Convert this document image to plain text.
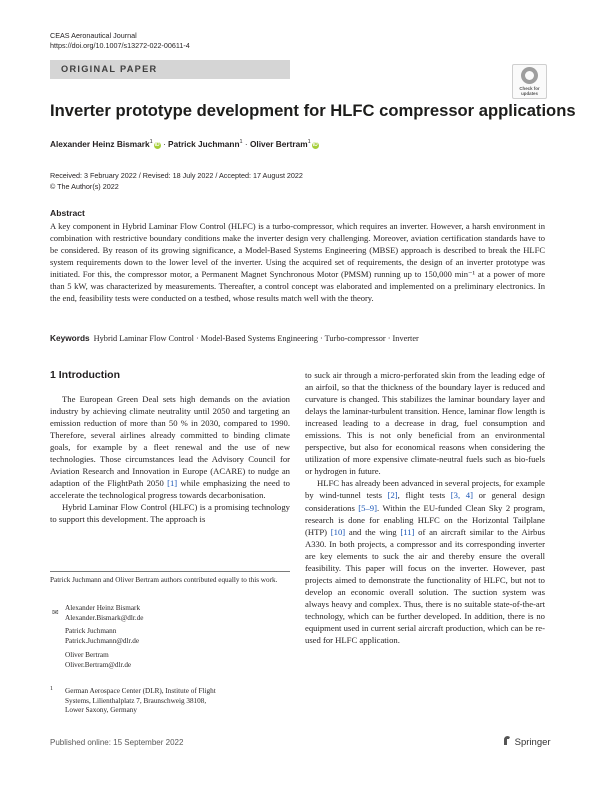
CEAS Aeronautical Journal
https://doi.org/10.1007/s13272-022-00611-4
ORIGINAL PAPER
Check for updates
Inverter prototype development for HLFC compressor applications
Alexander Heinz Bismark$^1$ iD · Patrick Juchmann$^1$ · Oliver Bertram$^1$ iD
Received: 3 February 2022 / Revised: 18 July 2022 / Accepted: 17 August 2022
© The Author(s) 2022
Abstract
A key component in Hybrid Laminar Flow Control (HLFC) is a turbo-compressor, which requires an inverter. However, a harsh environment in combination with restrictive boundary conditions make the inverter design very challenging. Moreover, aviation certification standards have to be considered. By reason of its growing significance, a Model-Based Systems Engineering (MBSE) approach is described to break the HLFC system requirements down to the lower level of the inverter. Using the acquired set of requirements, the design of an inverter prototype was initiated. For this, the compressor motor, a Permanent Magnet Synchronous Motor (PMSM) running up to 150,000 min⁻¹ at a power of more than 5 kW, was characterized by measurements. Thereafter, a control concept was elaborated and implemented on a preliminary electronics. In the end, feasibility tests were conducted on a testbed, whose results match well with the theory.
Keywords Hybrid Laminar Flow Control · Model-Based Systems Engineering · Turbo-compressor · Inverter
1 Introduction

The European Green Deal sets high demands on the aviation industry by achieving climate neutrality until 2050 and targeting an emission reduction of more than 50 % in 2030, compared to 1990. Therefore, several airlines already committed to binding climate goals, for example by a fleet renewal and the use of new technologies. Those circumstances lead the Advisory Council for Aviation Research and Innovation in Europe (ACARE) to nudge an adaption of the FlightPath 2050 [1] while emphasizing the need to accelerate the technological progress towards decarbonisation.

Hybrid Laminar Flow Control (HLFC) is a promising technology to support this development. The approach is

to suck air through a micro-perforated skin from the leading edge of an airfoil, so that the thickness of the boundary layer is reduced and curvature is changed. This stabilizes the laminar boundary layer and delays the laminar-turbulent transition. Hence, laminar flow length is increased leading to a decrease in drag, fuel consumption and emissions. This is not only beneficial from an environmental perspective, but also for economical reasons when considering the utilization of more expensive climate-neutral fuels such as bio-fuels or hydrogen in future.

HLFC has already been advanced in several projects, for example by wind-tunnel tests [2], flight tests [3, 4] or general design considerations [5–9]. Within the EU-funded Clean Sky 2 program, research is done for enabling HLFC on the Horizontal Tailplane (HTP) [10] and the wing [11] of an aircraft similar to the Airbus A330. In both projects, a compressor and its corresponding inverter are key elements to suck the air and thereby ensure the overall feasibility. This paper will focus on the inverter. However, past projects aimed to demonstrate the functionality of HLFC, but not to develop an economic overall solution. The suction system was always heavy and complex. Thus, there is no suitable state-of-the-art technology, which can be further developed. In addition, there is no equipment used in current serial aircraft production, which can be re-used for HLFC application.

Patrick Juchmann and Oliver Bertram authors contributed equally to this work.
✉ Alexander Heinz Bismark
Alexander.Bismark@dlr.de
Patrick Juchmann
Patrick.Juchmann@dlr.de
Oliver Bertram
Oliver.Bertram@dlr.de
1 German Aerospace Center (DLR), Institute of Flight
Systems, Lilienthalplatz 7, Braunschweig 38108,
Lower Saxony, Germany
Published online: 15 September 2022	Springer
